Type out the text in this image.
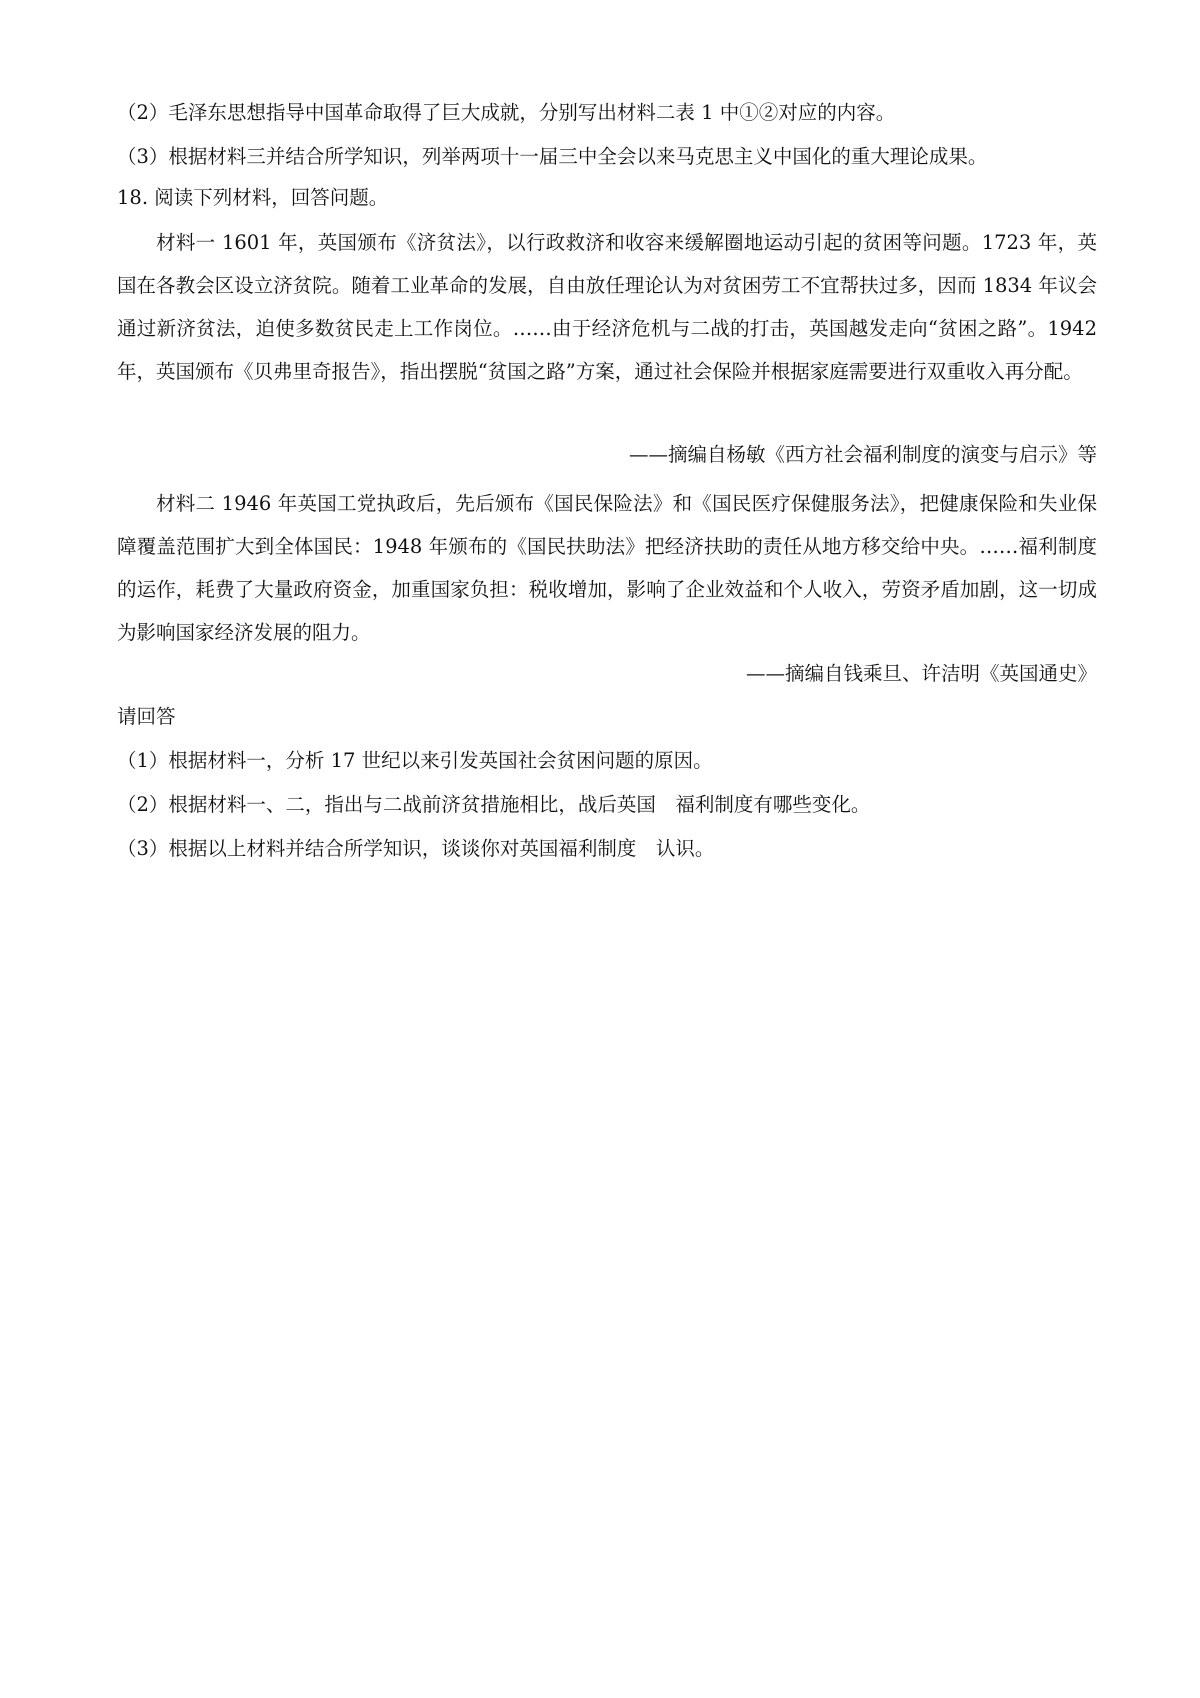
（2）毛泽东思想指导中国革命取得了巨大成就，分别写出材料二表 1 中①②对应的内容。
（3）根据材料三并结合所学知识，列举两项十一届三中全会以来马克思主义中国化的重大理论成果。
18. 阅读下列材料，回答问题。
材料一 1601 年，英国颁布《济贫法》，以行政救济和收容来缓解圈地运动引起的贫困等问题。1723 年，英国在各教会区设立济贫院。随着工业革命的发展，自由放任理论认为对贫困劳工不宜帮扶过多，因而 1834 年议会通过新济贫法，迫使多数贫民走上工作岗位。……由于经济危机与二战的打击，英国越发走向“贫困之路”。1942 年，英国颁布《贝弗里奇报告》，指出摆脱“贫国之路”方案，通过社会保险并根据家庭需要进行双重收入再分配。
——摘编自杨敏《西方社会福利制度的演变与启示》等
材料二 1946 年英国工党执政后，先后颁布《国民保险法》和《国民医疗保健服务法》，把健康保险和失业保障覆盖范围扩大到全体国民：1948 年颁布的《国民扶助法》把经济扶助的责任从地方移交给中央。……福利制度的运作，耗费了大量政府资金，加重国家负担：税收增加，影响了企业效益和个人收入，劳资矛盾加剧，这一切成为影响国家经济发展的阻力。
——摘编自钱乘旦、许洁明《英国通史》
请回答
（1）根据材料一，分析 17 世纪以来引发英国社会贫困问题的原因。
（2）根据材料一、二，指出与二战前济贫措施相比，战后英国　福利制度有哪些变化。
（3）根据以上材料并结合所学知识，谈谈你对英国福利制度　认识。
